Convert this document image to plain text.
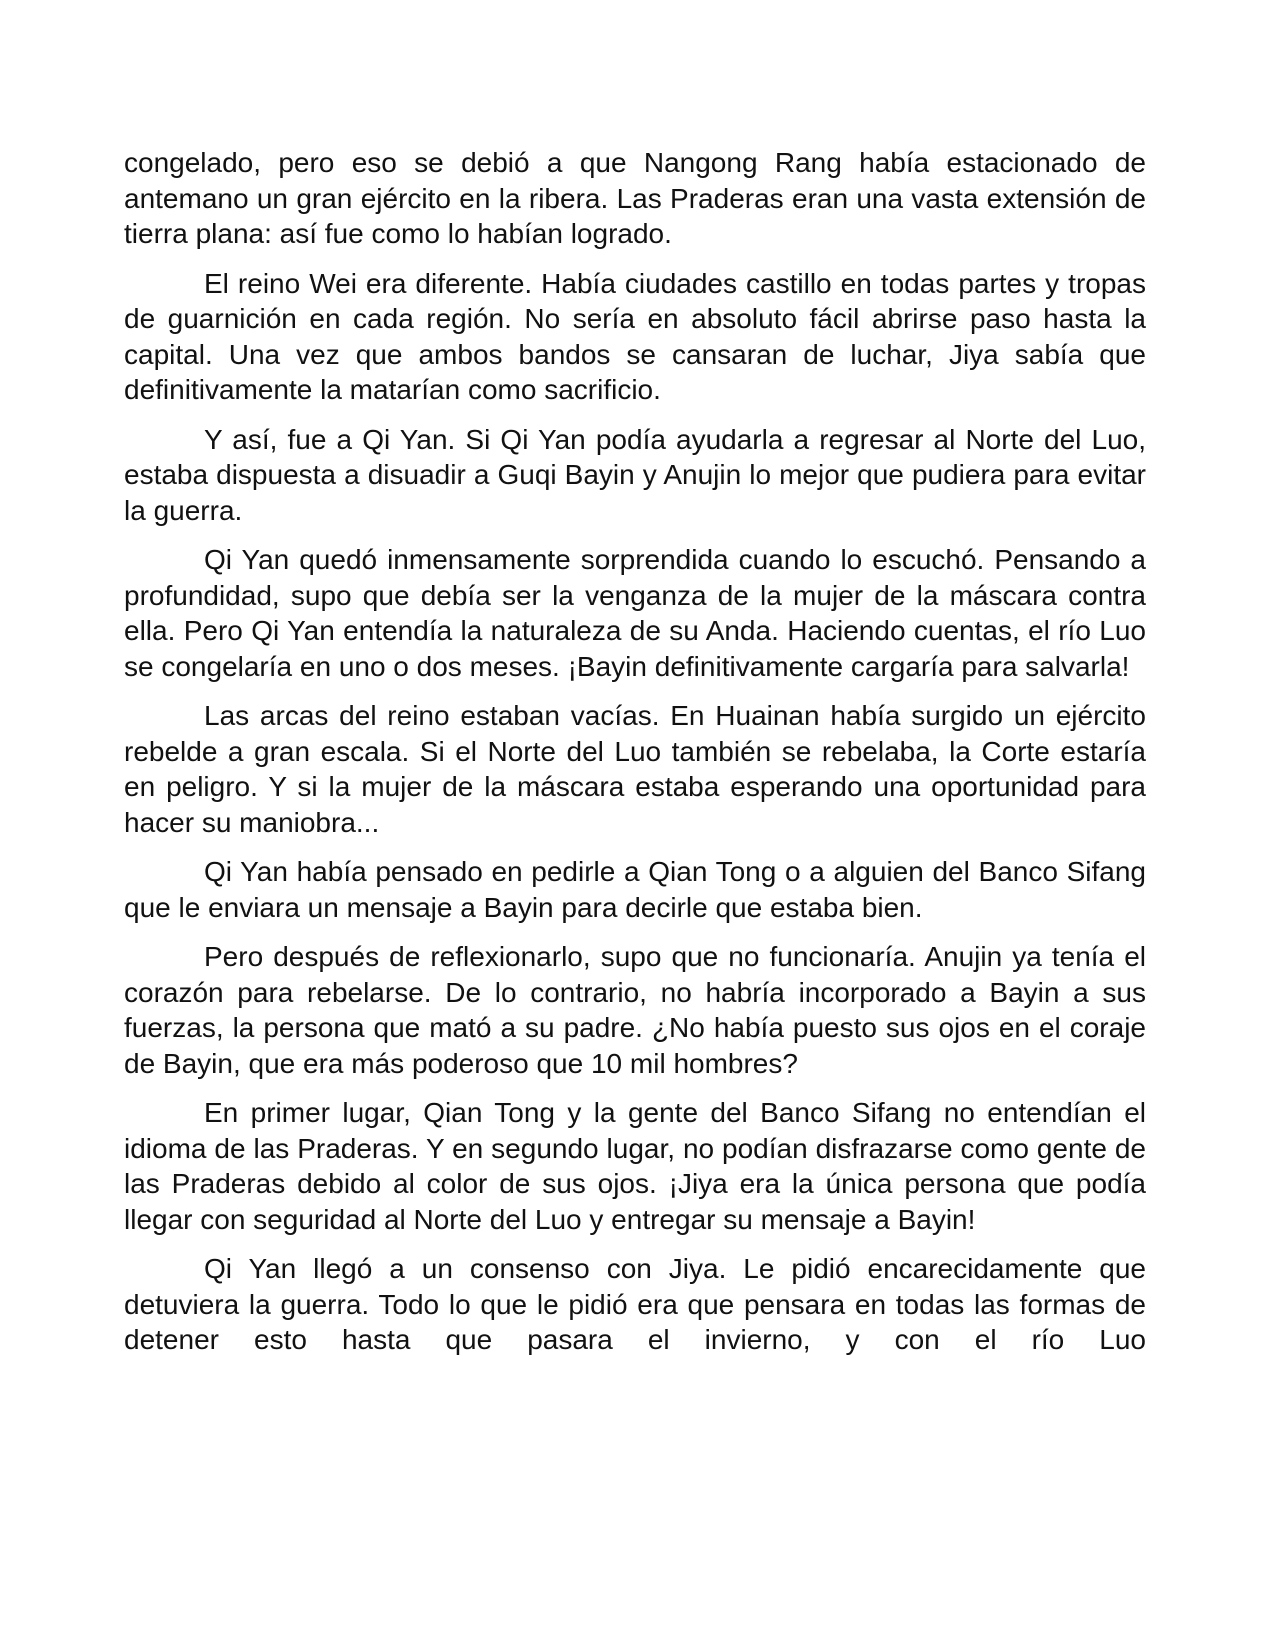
congelado, pero eso se debió a que Nangong Rang había estacionado de antemano un gran ejército en la ribera. Las Praderas eran una vasta extensión de tierra plana: así fue como lo habían logrado.

El reino Wei era diferente. Había ciudades castillo en todas partes y tropas de guarnición en cada región. No sería en absoluto fácil abrirse paso hasta la capital. Una vez que ambos bandos se cansaran de luchar, Jiya sabía que definitivamente la matarían como sacrificio.

Y así, fue a Qi Yan. Si Qi Yan podía ayudarla a regresar al Norte del Luo, estaba dispuesta a disuadir a Guqi Bayin y Anujin lo mejor que pudiera para evitar la guerra.

Qi Yan quedó inmensamente sorprendida cuando lo escuchó. Pensando a profundidad, supo que debía ser la venganza de la mujer de la máscara contra ella. Pero Qi Yan entendía la naturaleza de su Anda. Haciendo cuentas, el río Luo se congelaría en uno o dos meses. ¡Bayin definitivamente cargaría para salvarla!

Las arcas del reino estaban vacías. En Huainan había surgido un ejército rebelde a gran escala. Si el Norte del Luo también se rebelaba, la Corte estaría en peligro. Y si la mujer de la máscara estaba esperando una oportunidad para hacer su maniobra...

Qi Yan había pensado en pedirle a Qian Tong o a alguien del Banco Sifang que le enviara un mensaje a Bayin para decirle que estaba bien.

Pero después de reflexionarlo, supo que no funcionaría. Anujin ya tenía el corazón para rebelarse. De lo contrario, no habría incorporado a Bayin a sus fuerzas, la persona que mató a su padre. ¿No había puesto sus ojos en el coraje de Bayin, que era más poderoso que 10 mil hombres?

En primer lugar, Qian Tong y la gente del Banco Sifang no entendían el idioma de las Praderas. Y en segundo lugar, no podían disfrazarse como gente de las Praderas debido al color de sus ojos. ¡Jiya era la única persona que podía llegar con seguridad al Norte del Luo y entregar su mensaje a Bayin!

Qi Yan llegó a un consenso con Jiya. Le pidió encarecidamente que detuviera la guerra. Todo lo que le pidió era que pensara en todas las formas de detener esto hasta que pasara el invierno, y con el río Luo
